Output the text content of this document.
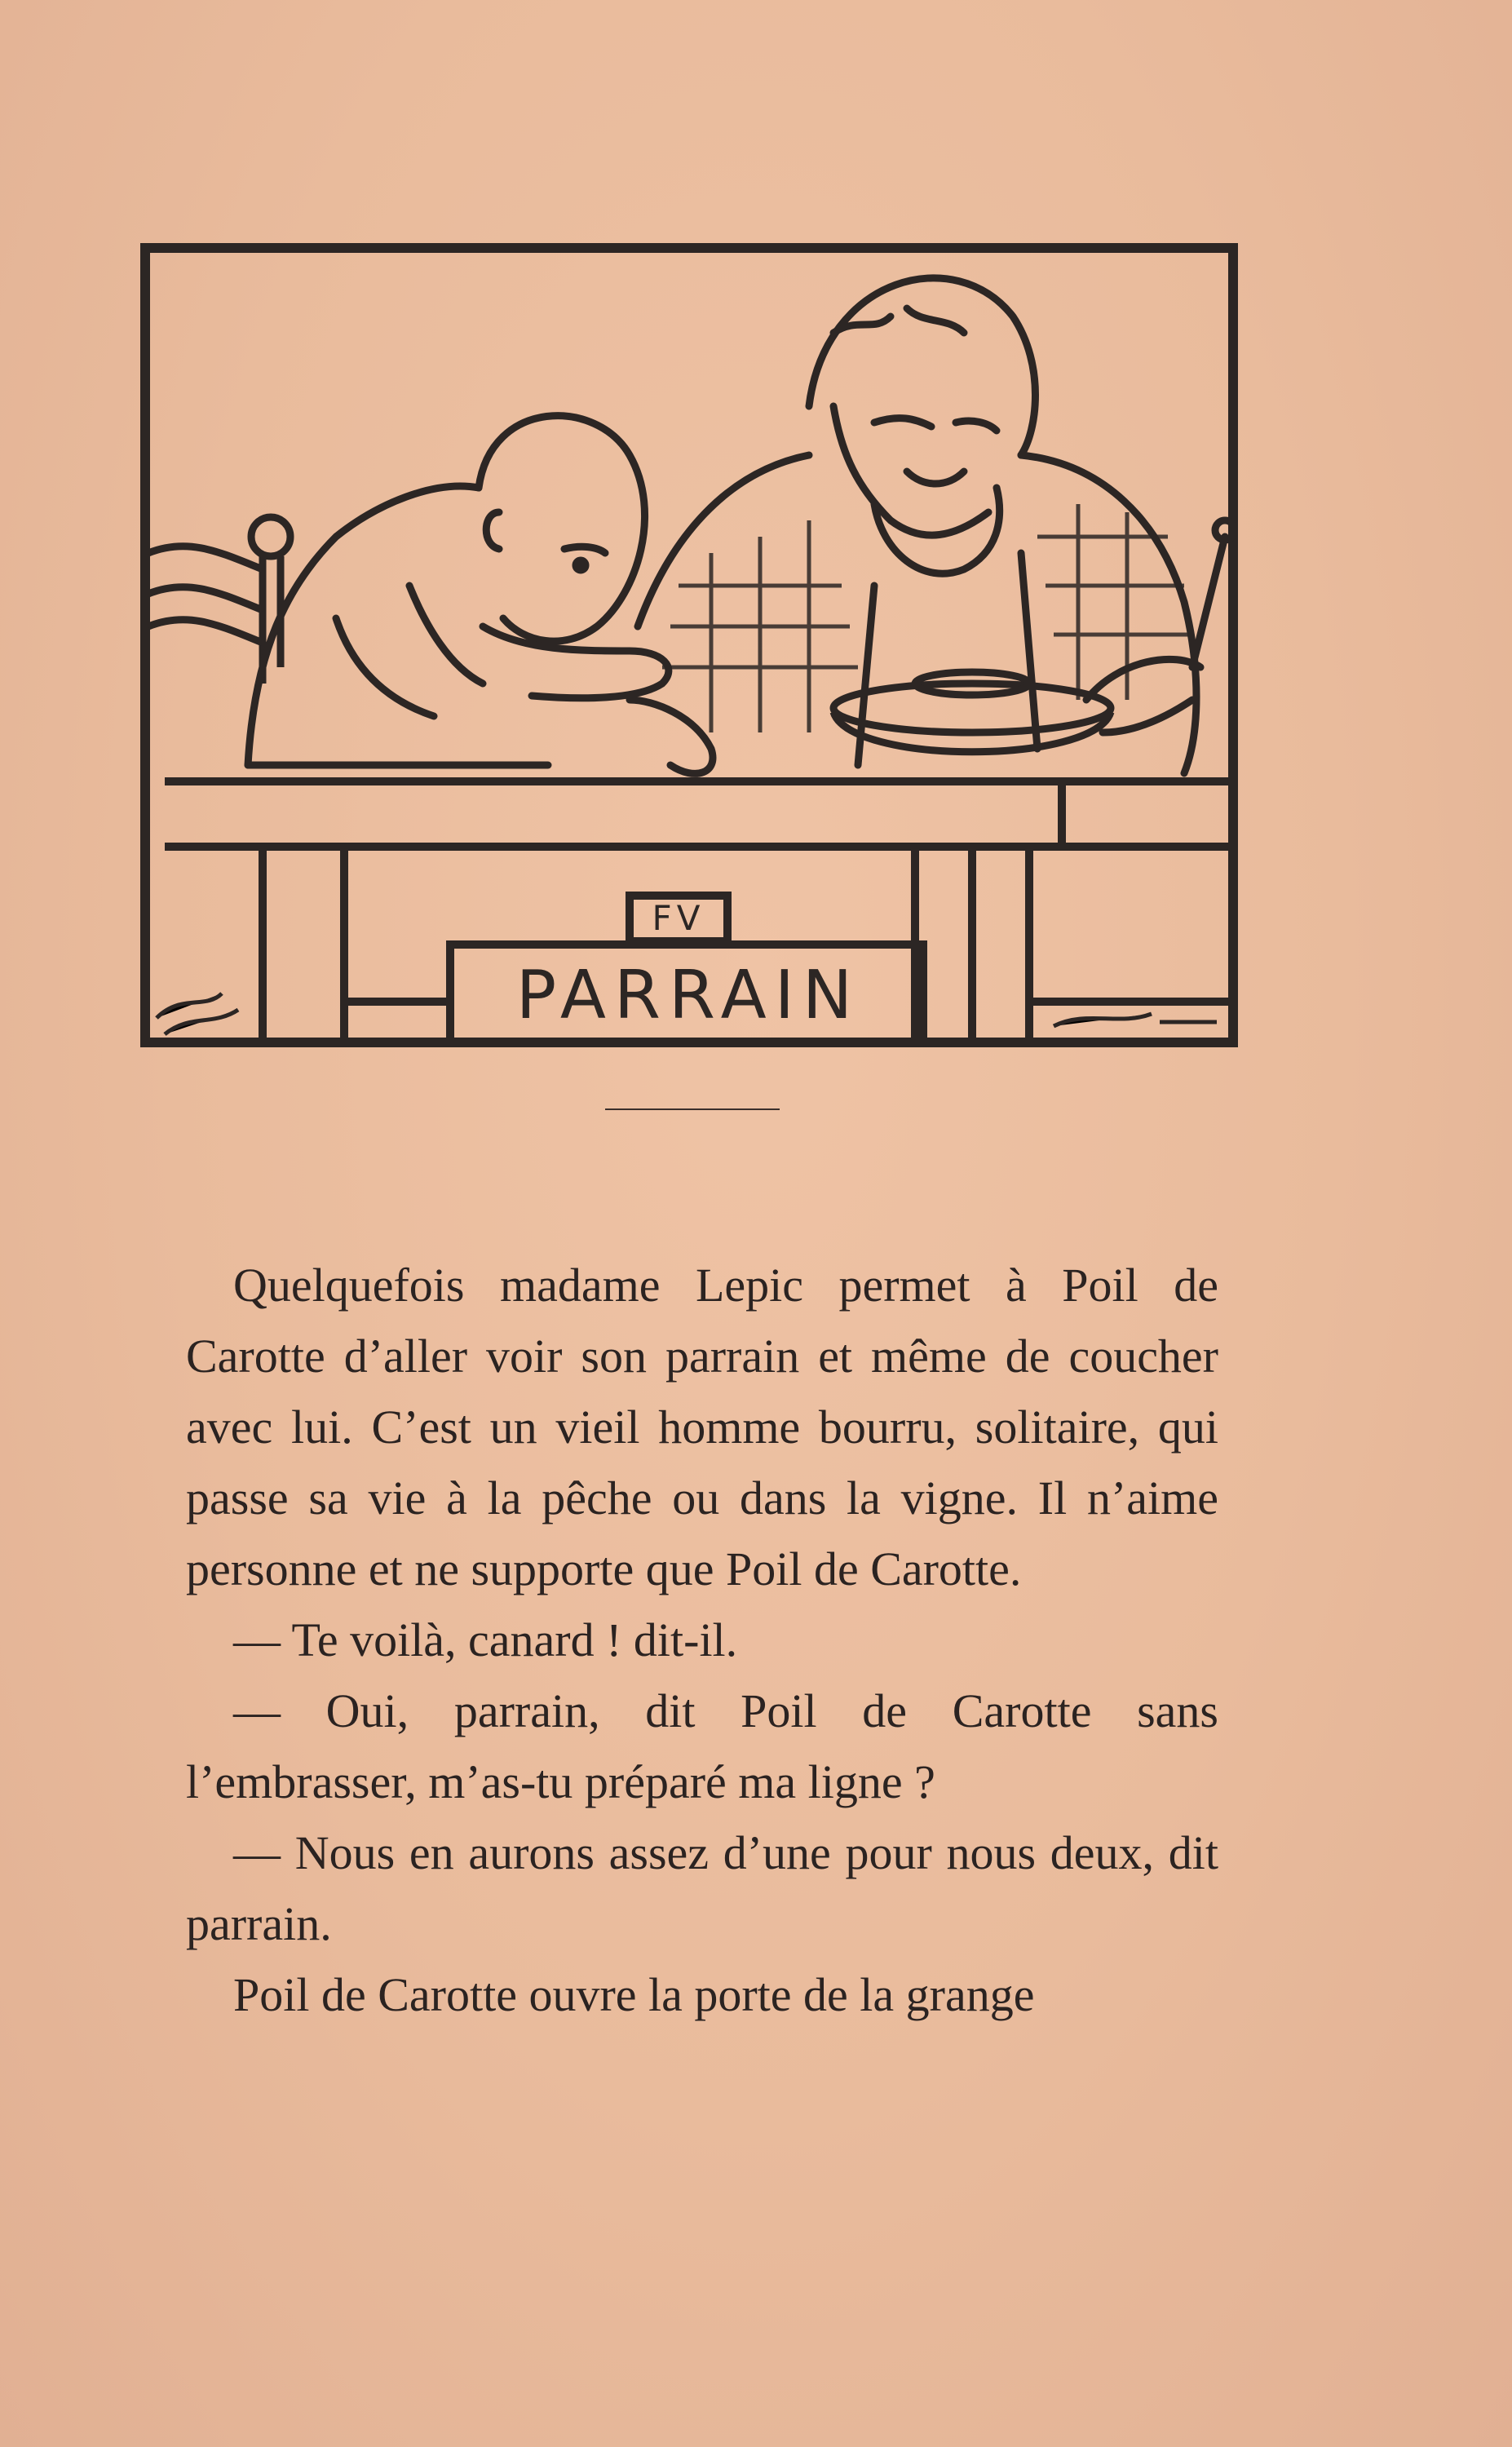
FV
PARRAIN

Quelquefois madame Lepic permet à Poil de Carotte d’aller voir son parrain et même de coucher avec lui. C’est un vieil homme bourru, solitaire, qui passe sa vie à la pêche ou dans la vigne. Il n’aime personne et ne supporte que Poil de Carotte.

— Te voilà, canard ! dit-il.

— Oui, parrain, dit Poil de Carotte sans l’embrasser, m’as-tu préparé ma ligne ?

— Nous en aurons assez d’une pour nous deux, dit parrain.

Poil de Carotte ouvre la porte de la grange
